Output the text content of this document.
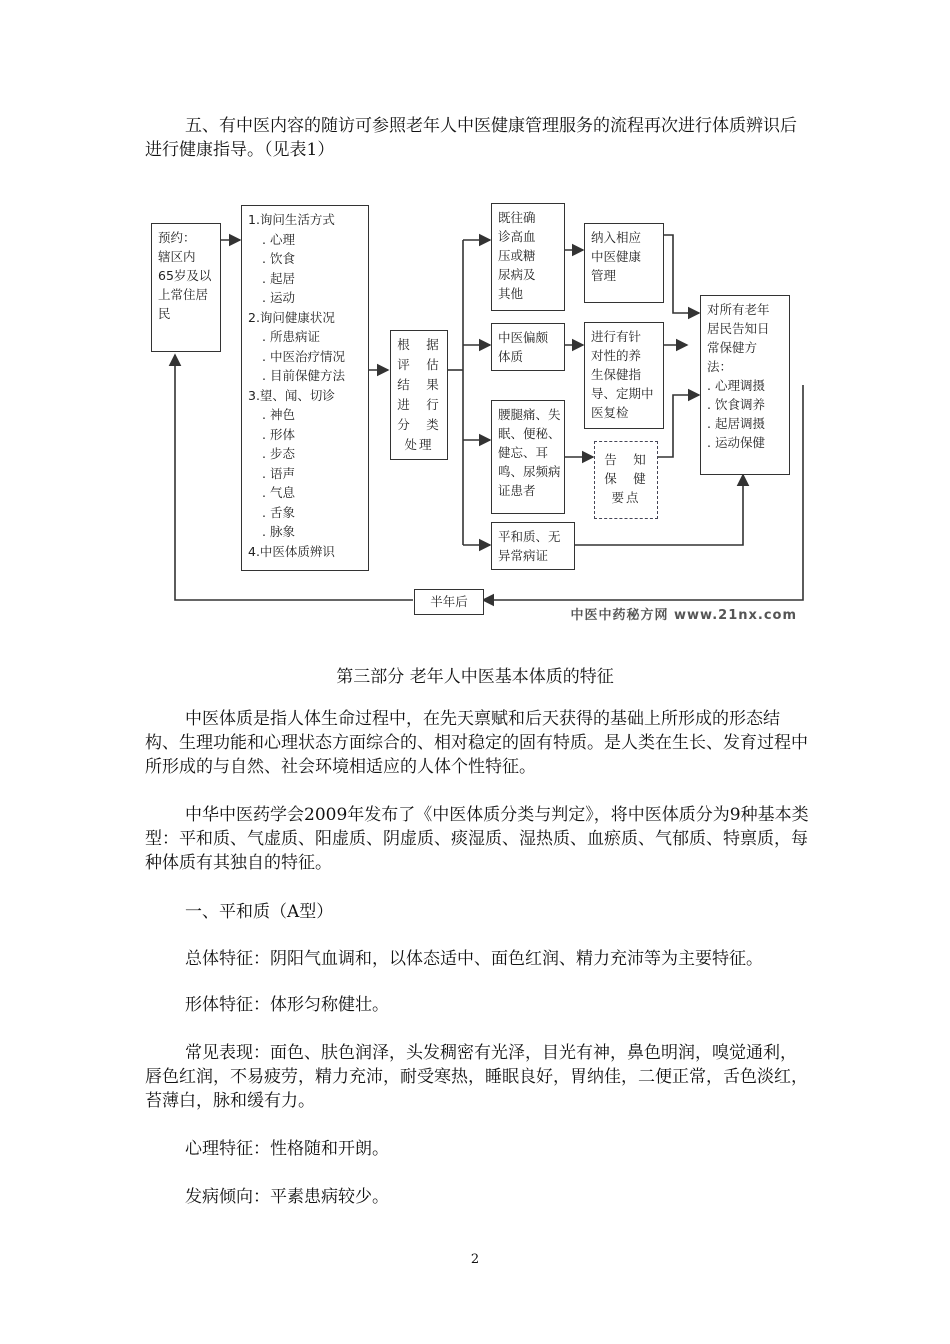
五、有中医内容的随访可参照老年人中医健康管理服务的流程再次进行体质辨识后进行健康指导。（见表1）

预约：
辖区内
65岁及以
上常住居
民
1.询问生活方式
. 心理
. 饮食
. 起居
. 运动
2.询问健康状况
. 所患病证
. 中医治疗情况
. 目前保健方法
3.望、闻、切诊
. 神色
. 形体
. 步态
. 语声
. 气息
. 舌象
. 脉象
4.中医体质辨识
根　据
评　估
结　果
进　行
分　类
处理
既往确
诊高血
压或糖
尿病及
其他
中医偏颇
体质
腰腿痛、失
眠、便秘、
健忘、耳
鸣、尿频病
证患者
平和质、无
异常病证
纳入相应
中医健康
管理
进行有针
对性的养
生保健指
导、定期中
医复检
告　知
保　健
要点
对所有老年
居民告知日
常保健方
法：
. 心理调摄
. 饮食调养
. 起居调摄
. 运动保健
半年后
中医中药秘方网 www.21nx.com
第三部分 老年人中医基本体质的特征

中医体质是指人体生命过程中，在先天禀赋和后天获得的基础上所形成的形态结构、生理功能和心理状态方面综合的、相对稳定的固有特质。是人类在生长、发育过程中所形成的与自然、社会环境相适应的人体个性特征。

中华中医药学会2009年发布了《中医体质分类与判定》，将中医体质分为9种基本类型：平和质、气虚质、阳虚质、阴虚质、痰湿质、湿热质、血瘀质、气郁质、特禀质，每种体质有其独自的特征。

一、平和质（A型）

总体特征：阴阳气血调和，以体态适中、面色红润、精力充沛等为主要特征。

形体特征：体形匀称健壮。

常见表现：面色、肤色润泽，头发稠密有光泽，目光有神，鼻色明润，嗅觉通利，唇色红润，不易疲劳，精力充沛，耐受寒热，睡眠良好，胃纳佳，二便正常，舌色淡红，苔薄白，脉和缓有力。

心理特征：性格随和开朗。

发病倾向：平素患病较少。

2
